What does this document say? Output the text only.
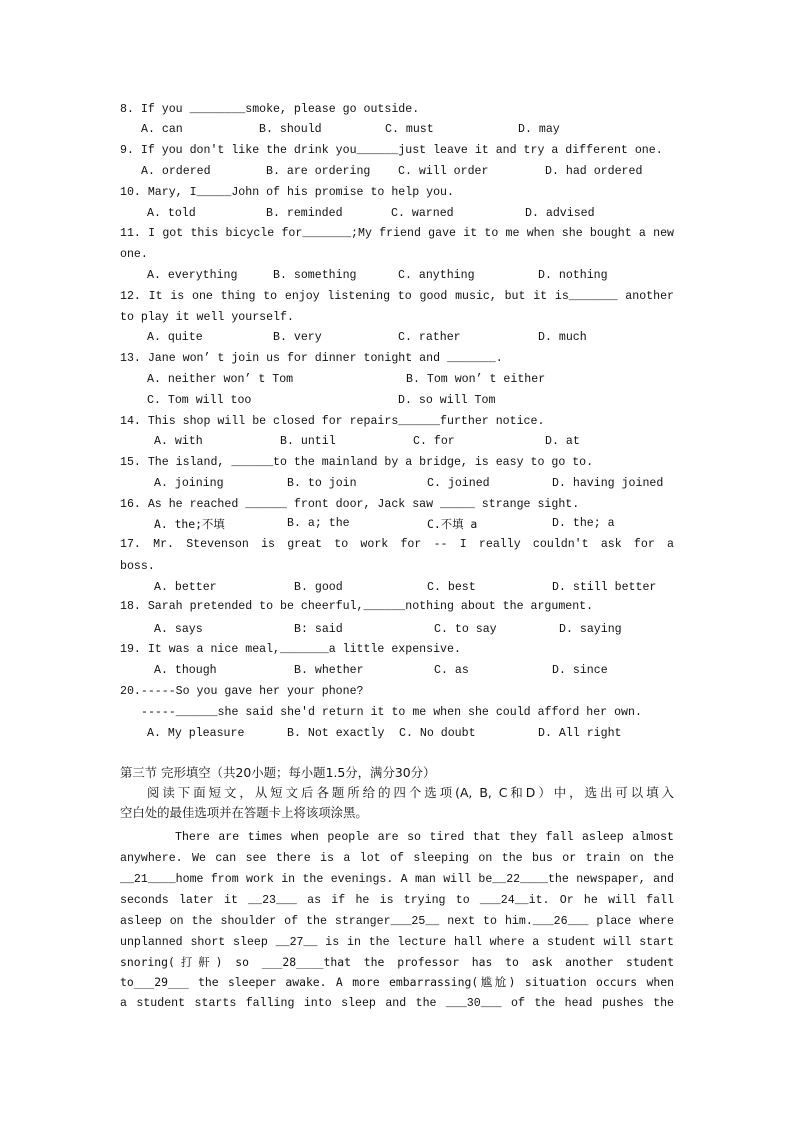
8. If you ________smoke, please go outside.
A. can	B. should	C. must	D. may
9. If you don't like the drink you______just leave it and try a different one.
A. ordered	B. are ordering C. will order	D. had ordered
10. Mary, I_____John of his promise to help you.
A. told	B. reminded	C. warned	D. advised
11. I got this bicycle for_______;My friend gave it to me when she bought a new
one.
A. everything	B. something	C. anything	D. nothing
12. It is one thing to enjoy listening to good music, but it is_______ another
to play it well yourself.
A. quite	B. very	C. rather	D. much
13. Jane won’ t join us for dinner tonight and _______.
A. neither won’ t Tom	B. Tom won’ t either
C. Tom will too	D. so will Tom
14. This shop will be closed for repairs______further notice.
A. with	B. until	C. for	D. at
15. The island, ______to the mainland by a bridge, is easy to go to.
A. joining	B. to join	C. joined	D. having joined
16. As he reached ______ front door, Jack saw _____ strange sight.
A. the;不填	B. a; the	C.不填 a	D. the; a
17. Mr. Stevenson is great to work for -- I really couldn't ask for a
boss.
A. better	B. good	C. best	D. still better
18. Sarah pretended to be cheerful,______nothing about the argument.
A. says	B: said	C. to say	D. saying
19. It was a nice meal,_______a little expensive.
A. though	B. whether	C. as	D. since
20.-----So you gave her your phone?
-----______she said she'd return it to me when she could afford her own.
A. My pleasure	B. Not exactly C. No doubt	D. All right
第三节 完形填空（共20小题；每小题1.5分，满分30分）
阅读下面短文，从短文后各题所给的四个选项(A, B, C和D）中，选出可以填入
空白处的最佳选项并在答题卡上将该项涂黑。
There are times when people are so tired that they fall asleep almost
anywhere. We can see there is a lot of sleeping on the bus or train on the
__21____home from work in the evenings. A man will be__22____the newspaper, and
seconds later it __23___ as if he is trying to ___24__it. Or he will fall
asleep on the shoulder of the stranger___25__ next to him.___26___ place where
unplanned short sleep __27__ is in the lecture hall where a student will start
snoring(打鼾) so ___28____that the professor has to ask another student
to___29___ the sleeper awake. A more embarrassing(尴尬) situation occurs when
a student starts falling into sleep and the ___30___ of the head pushes the
